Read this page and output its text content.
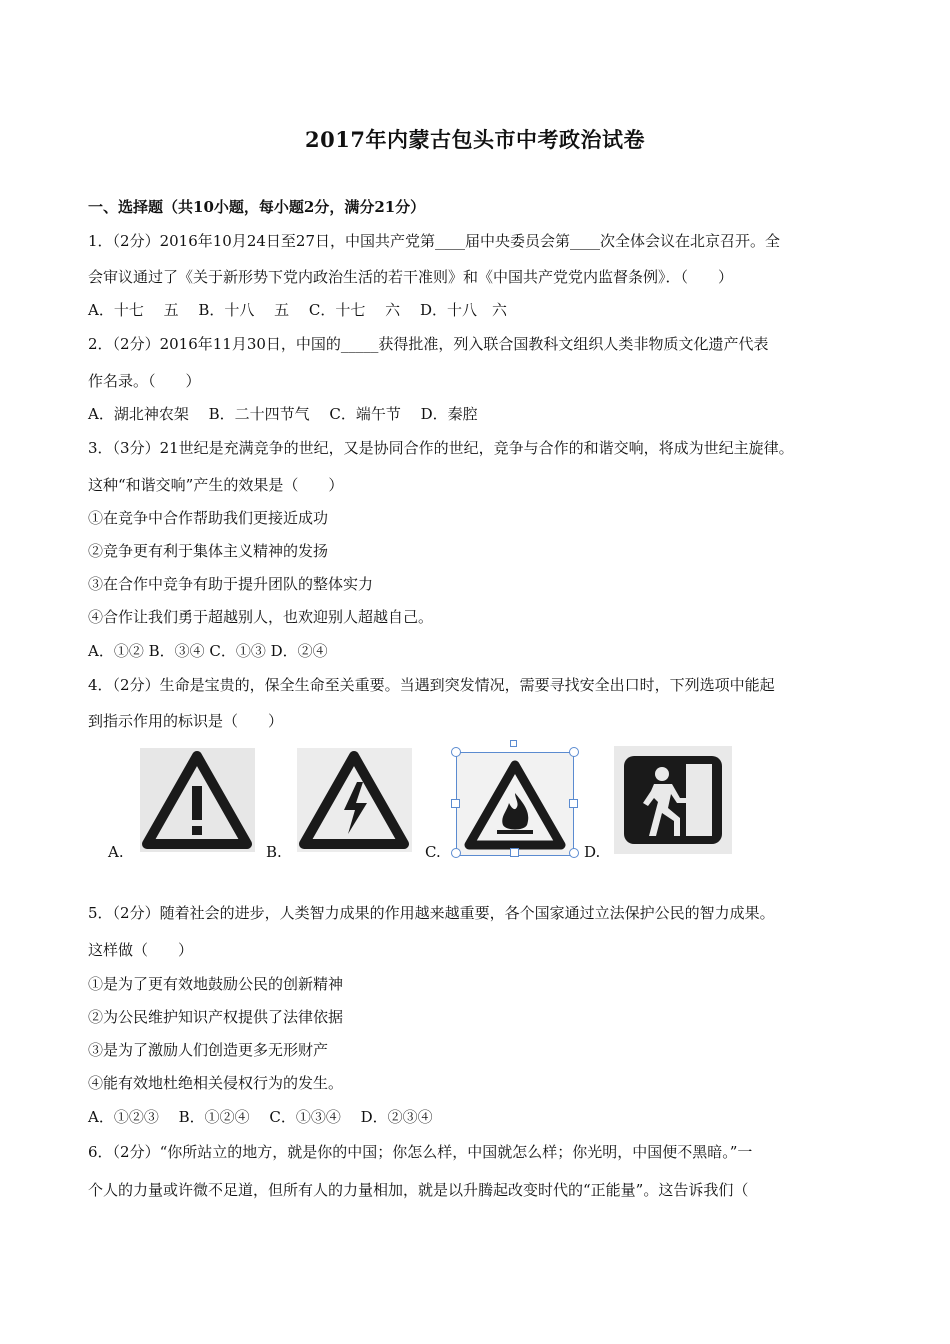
2017年内蒙古包头市中考政治试卷
一、选择题（共10小题，每小题2分，满分21分）
1．（2分）2016年10月24日至27日，中国共产党第____届中央委员会第____次全体会议在北京召开。全
会审议通过了《关于新形势下党内政治生活的若干准则》和《中国共产党党内监督条例》．（　　）
A．十七　 五　 B．十八　 五　 C．十七　 六　 D．十八　六
2．（2分）2016年11月30日，中国的_____获得批准，列入联合国教科文组织人类非物质文化遗产代表
作名录。（　　）
A．湖北神农架　 B．二十四节气　 C．端午节　 D．秦腔
3．（3分）21世纪是充满竞争的世纪，又是协同合作的世纪，竞争与合作的和谐交响，将成为世纪主旋律。
这种“和谐交响”产生的效果是（　　）
①在竞争中合作帮助我们更接近成功
②竞争更有利于集体主义精神的发扬
③在合作中竞争有助于提升团队的整体实力
④合作让我们勇于超越别人，也欢迎别人超越自己。
A．①② B．③④ C．①③ D．②④
4．（2分）生命是宝贵的，保全生命至关重要。当遇到突发情况，需要寻找安全出口时，下列选项中能起
到指示作用的标识是（　　）
A.	B.	C.	D.
5．（2分）随着社会的进步，人类智力成果的作用越来越重要，各个国家通过立法保护公民的智力成果。
这样做（　　）
①是为了更有效地鼓励公民的创新精神
②为公民维护知识产权提供了法律依据
③是为了激励人们创造更多无形财产
④能有效地杜绝相关侵权行为的发生。
A．①②③　 B．①②④　 C．①③④　 D．②③④
6．（2分）“你所站立的地方，就是你的中国；你怎么样，中国就怎么样；你光明，中国便不黑暗。”一
个人的力量或许微不足道，但所有人的力量相加，就是以升腾起改变时代的“正能量”。这告诉我们（
